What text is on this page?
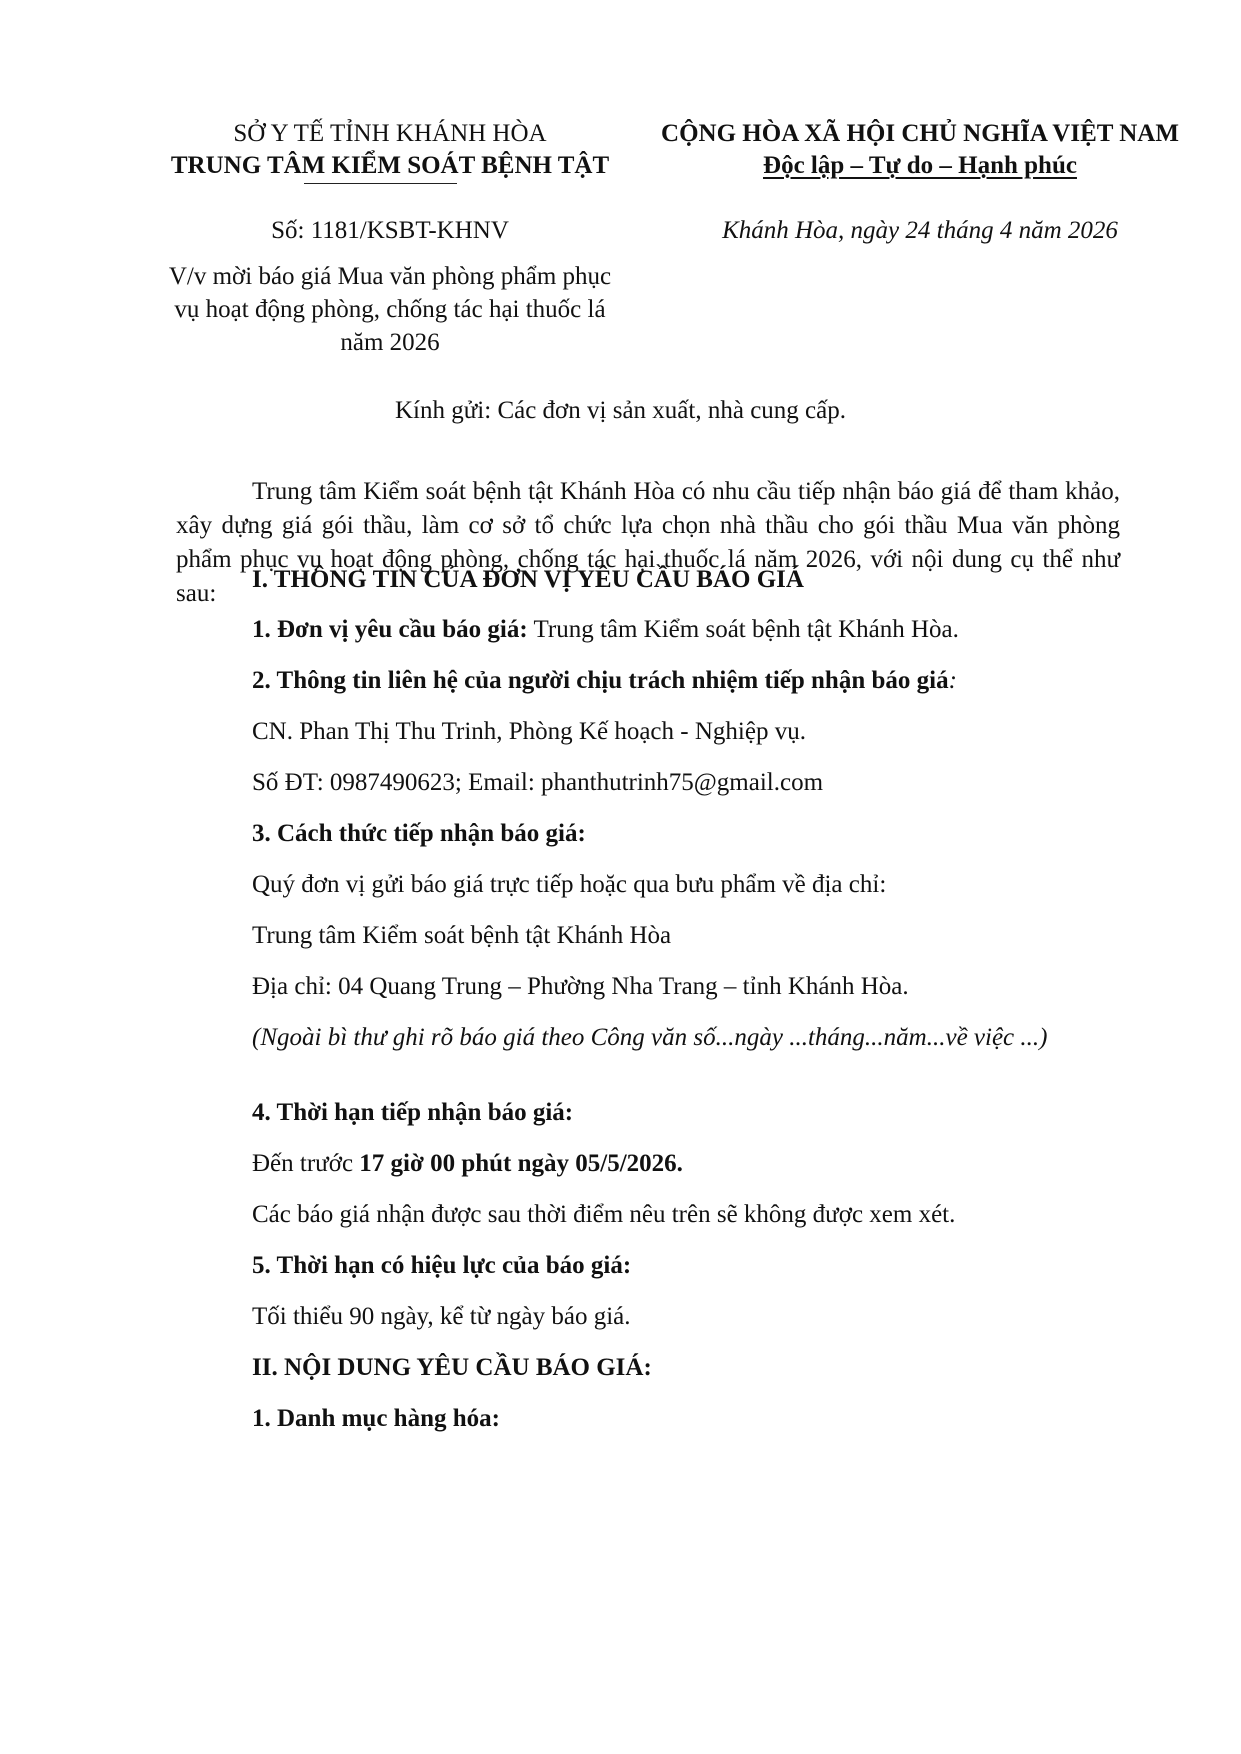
SỞ Y TẾ TỈNH KHÁNH HÒA
TRUNG TÂM KIỂM SOÁT BỆNH TẬT
CỘNG HÒA XÃ HỘI CHỦ NGHĨA VIỆT NAM
Độc lập – Tự do – Hạnh phúc
Số: 1181/KSBT-KHNV	Khánh Hòa, ngày 24 tháng 4 năm 2026
V/v mời báo giá Mua văn phòng phẩm phục vụ hoạt động phòng, chống tác hại thuốc lá năm 2026
Kính gửi: Các đơn vị sản xuất, nhà cung cấp.
Trung tâm Kiểm soát bệnh tật Khánh Hòa có nhu cầu tiếp nhận báo giá để tham khảo, xây dựng giá gói thầu, làm cơ sở tổ chức lựa chọn nhà thầu cho gói thầu Mua văn phòng phẩm phục vụ hoạt động phòng, chống tác hại thuốc lá năm 2026, với nội dung cụ thể như sau:
I. THÔNG TIN CỦA ĐƠN VỊ YÊU CẦU BÁO GIÁ
1. Đơn vị yêu cầu báo giá: Trung tâm Kiểm soát bệnh tật Khánh Hòa.
2. Thông tin liên hệ của người chịu trách nhiệm tiếp nhận báo giá:
CN. Phan Thị Thu Trinh, Phòng Kế hoạch - Nghiệp vụ.
Số ĐT: 0987490623; Email: phanthutrinh75@gmail.com
3. Cách thức tiếp nhận báo giá:
Quý đơn vị gửi báo giá trực tiếp hoặc qua bưu phẩm về địa chỉ:
Trung tâm Kiểm soát bệnh tật Khánh Hòa
Địa chỉ: 04 Quang Trung – Phường Nha Trang – tỉnh Khánh Hòa.
(Ngoài bì thư ghi rõ báo giá theo Công văn số...ngày ...tháng...năm...về việc ...)
4. Thời hạn tiếp nhận báo giá:
Đến trước 17 giờ 00 phút ngày 05/5/2026.
Các báo giá nhận được sau thời điểm nêu trên sẽ không được xem xét.
5. Thời hạn có hiệu lực của báo giá:
Tối thiểu 90 ngày, kể từ ngày báo giá.
II. NỘI DUNG YÊU CẦU BÁO GIÁ:
1. Danh mục hàng hóa:
